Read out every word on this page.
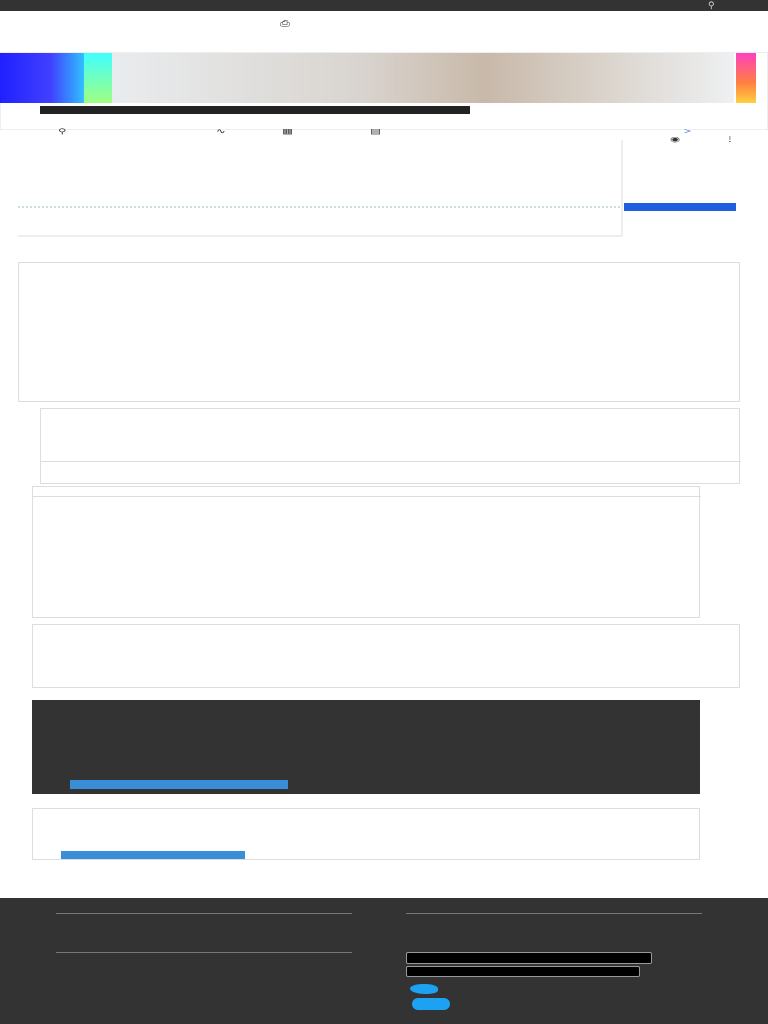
⚲
⎙

⚲	∿	▦	▤	>
◉	⋮
